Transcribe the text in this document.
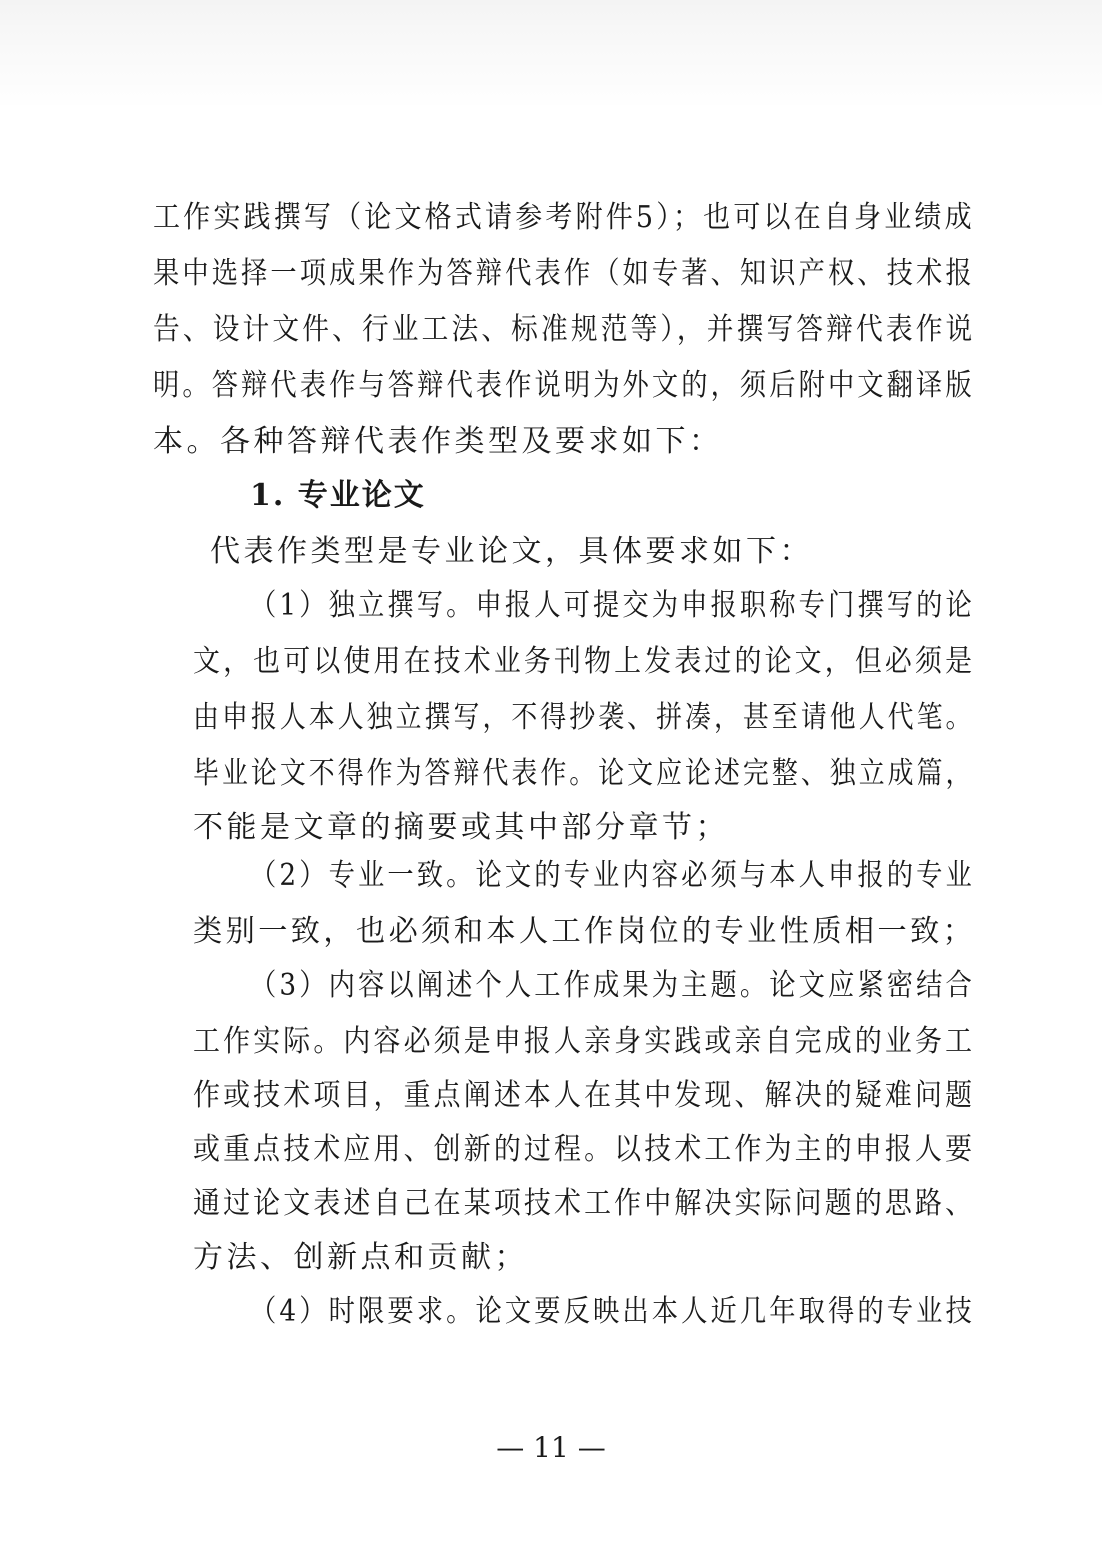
工作实践撰写（论文格式请参考附件5）；也可以在自身业绩成
果中选择一项成果作为答辩代表作（如专著、知识产权、技术报
告、设计文件、行业工法、标准规范等），并撰写答辩代表作说
明。答辩代表作与答辩代表作说明为外文的，须后附中文翻译版
本。各种答辩代表作类型及要求如下：
1. 专业论文
代表作类型是专业论文，具体要求如下：
（1）独立撰写。申报人可提交为申报职称专门撰写的论
文，也可以使用在技术业务刊物上发表过的论文，但必须是
由申报人本人独立撰写，不得抄袭、拼凑，甚至请他人代笔。
毕业论文不得作为答辩代表作。论文应论述完整、独立成篇，
不能是文章的摘要或其中部分章节；
（2）专业一致。论文的专业内容必须与本人申报的专业
类别一致，也必须和本人工作岗位的专业性质相一致；
（3）内容以阐述个人工作成果为主题。论文应紧密结合
工作实际。内容必须是申报人亲身实践或亲自完成的业务工
作或技术项目，重点阐述本人在其中发现、解决的疑难问题
或重点技术应用、创新的过程。以技术工作为主的申报人要
通过论文表述自己在某项技术工作中解决实际问题的思路、
方法、创新点和贡献；
（4）时限要求。论文要反映出本人近几年取得的专业技
— 11 —
